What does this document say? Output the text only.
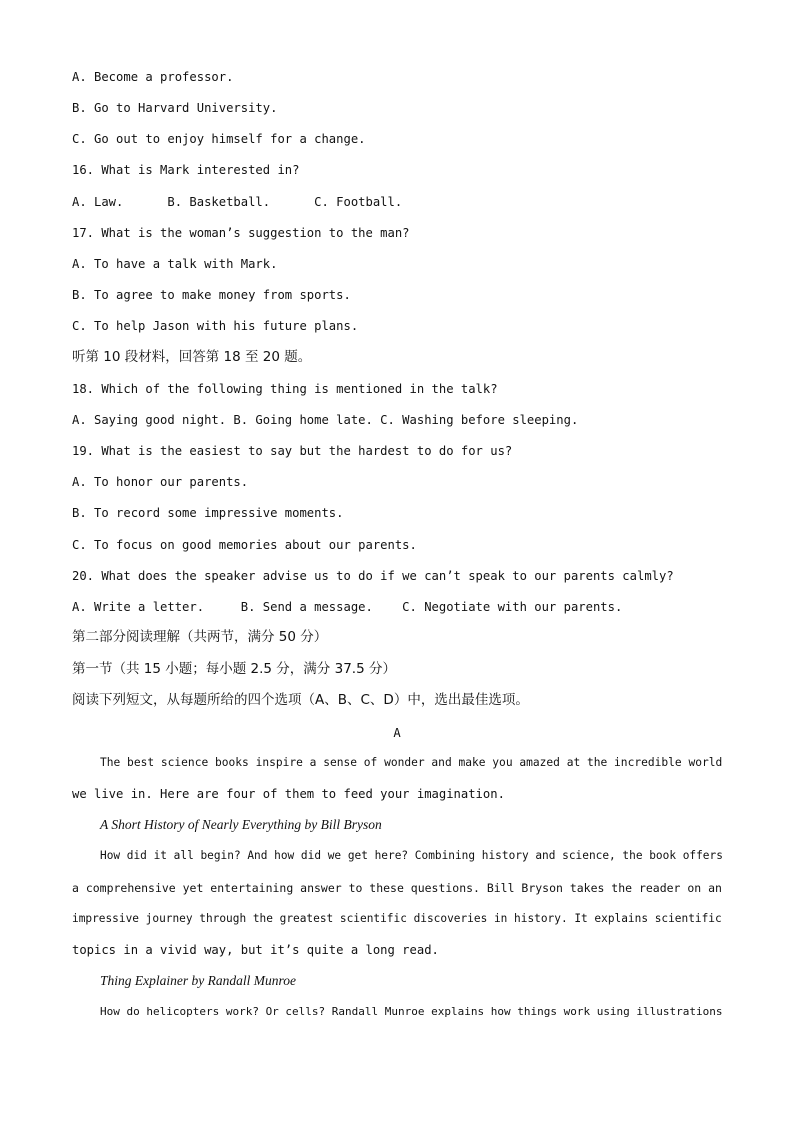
A. Become a professor.
B. Go to Harvard University.
C. Go out to enjoy himself for a change.
16. What is Mark interested in?
A. Law.      B. Basketball.      C. Football.
17. What is the woman’s suggestion to the man?
A. To have a talk with Mark.
B. To agree to make money from sports.
C. To help Jason with his future plans.
听第 10 段材料，回答第 18 至 20 题。
18. Which of the following thing is mentioned in the talk?
A. Saying good night. B. Going home late. C. Washing before sleeping.
19. What is the easiest to say but the hardest to do for us?
A. To honor our parents.
B. To record some impressive moments.
C. To focus on good memories about our parents.
20. What does the speaker advise us to do if we can’t speak to our parents calmly?
A. Write a letter.     B. Send a message.    C. Negotiate with our parents.
第二部分阅读理解（共两节，满分 50 分）
第一节（共 15 小题；每小题 2.5 分，满分 37.5 分）
阅读下列短文，从每题所给的四个选项（A、B、C、D）中，选出最佳选项。
A
The best science books inspire a sense of wonder and make you amazed at the incredible world
we live in. Here are four of them to feed your imagination.
A Short History of Nearly Everything by Bill Bryson
How did it all begin? And how did we get here? Combining history and science, the book offers
a comprehensive yet entertaining answer to these questions. Bill Bryson takes the reader on an
impressive journey through the greatest scientific discoveries in history. It explains scientific
topics in a vivid way, but it’s quite a long read.
Thing Explainer by Randall Munroe
How do helicopters work? Or cells? Randall Munroe explains how things work using illustrations
